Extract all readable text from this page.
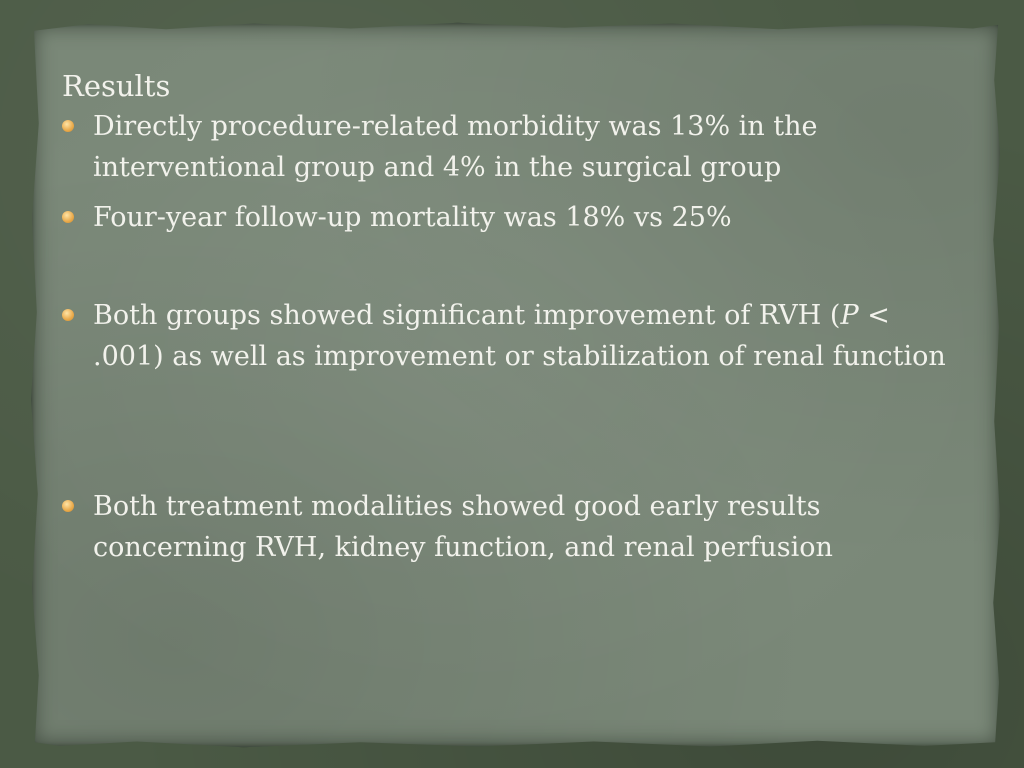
Results
Directly procedure-related morbidity was 13% in the interventional group and 4% in the surgical group
Four-year follow-up mortality was 18% vs 25%
Both groups showed significant improvement of RVH (P < .001) as well as improvement or stabilization of renal function
Both treatment modalities showed good early results concerning RVH, kidney function, and renal perfusion
